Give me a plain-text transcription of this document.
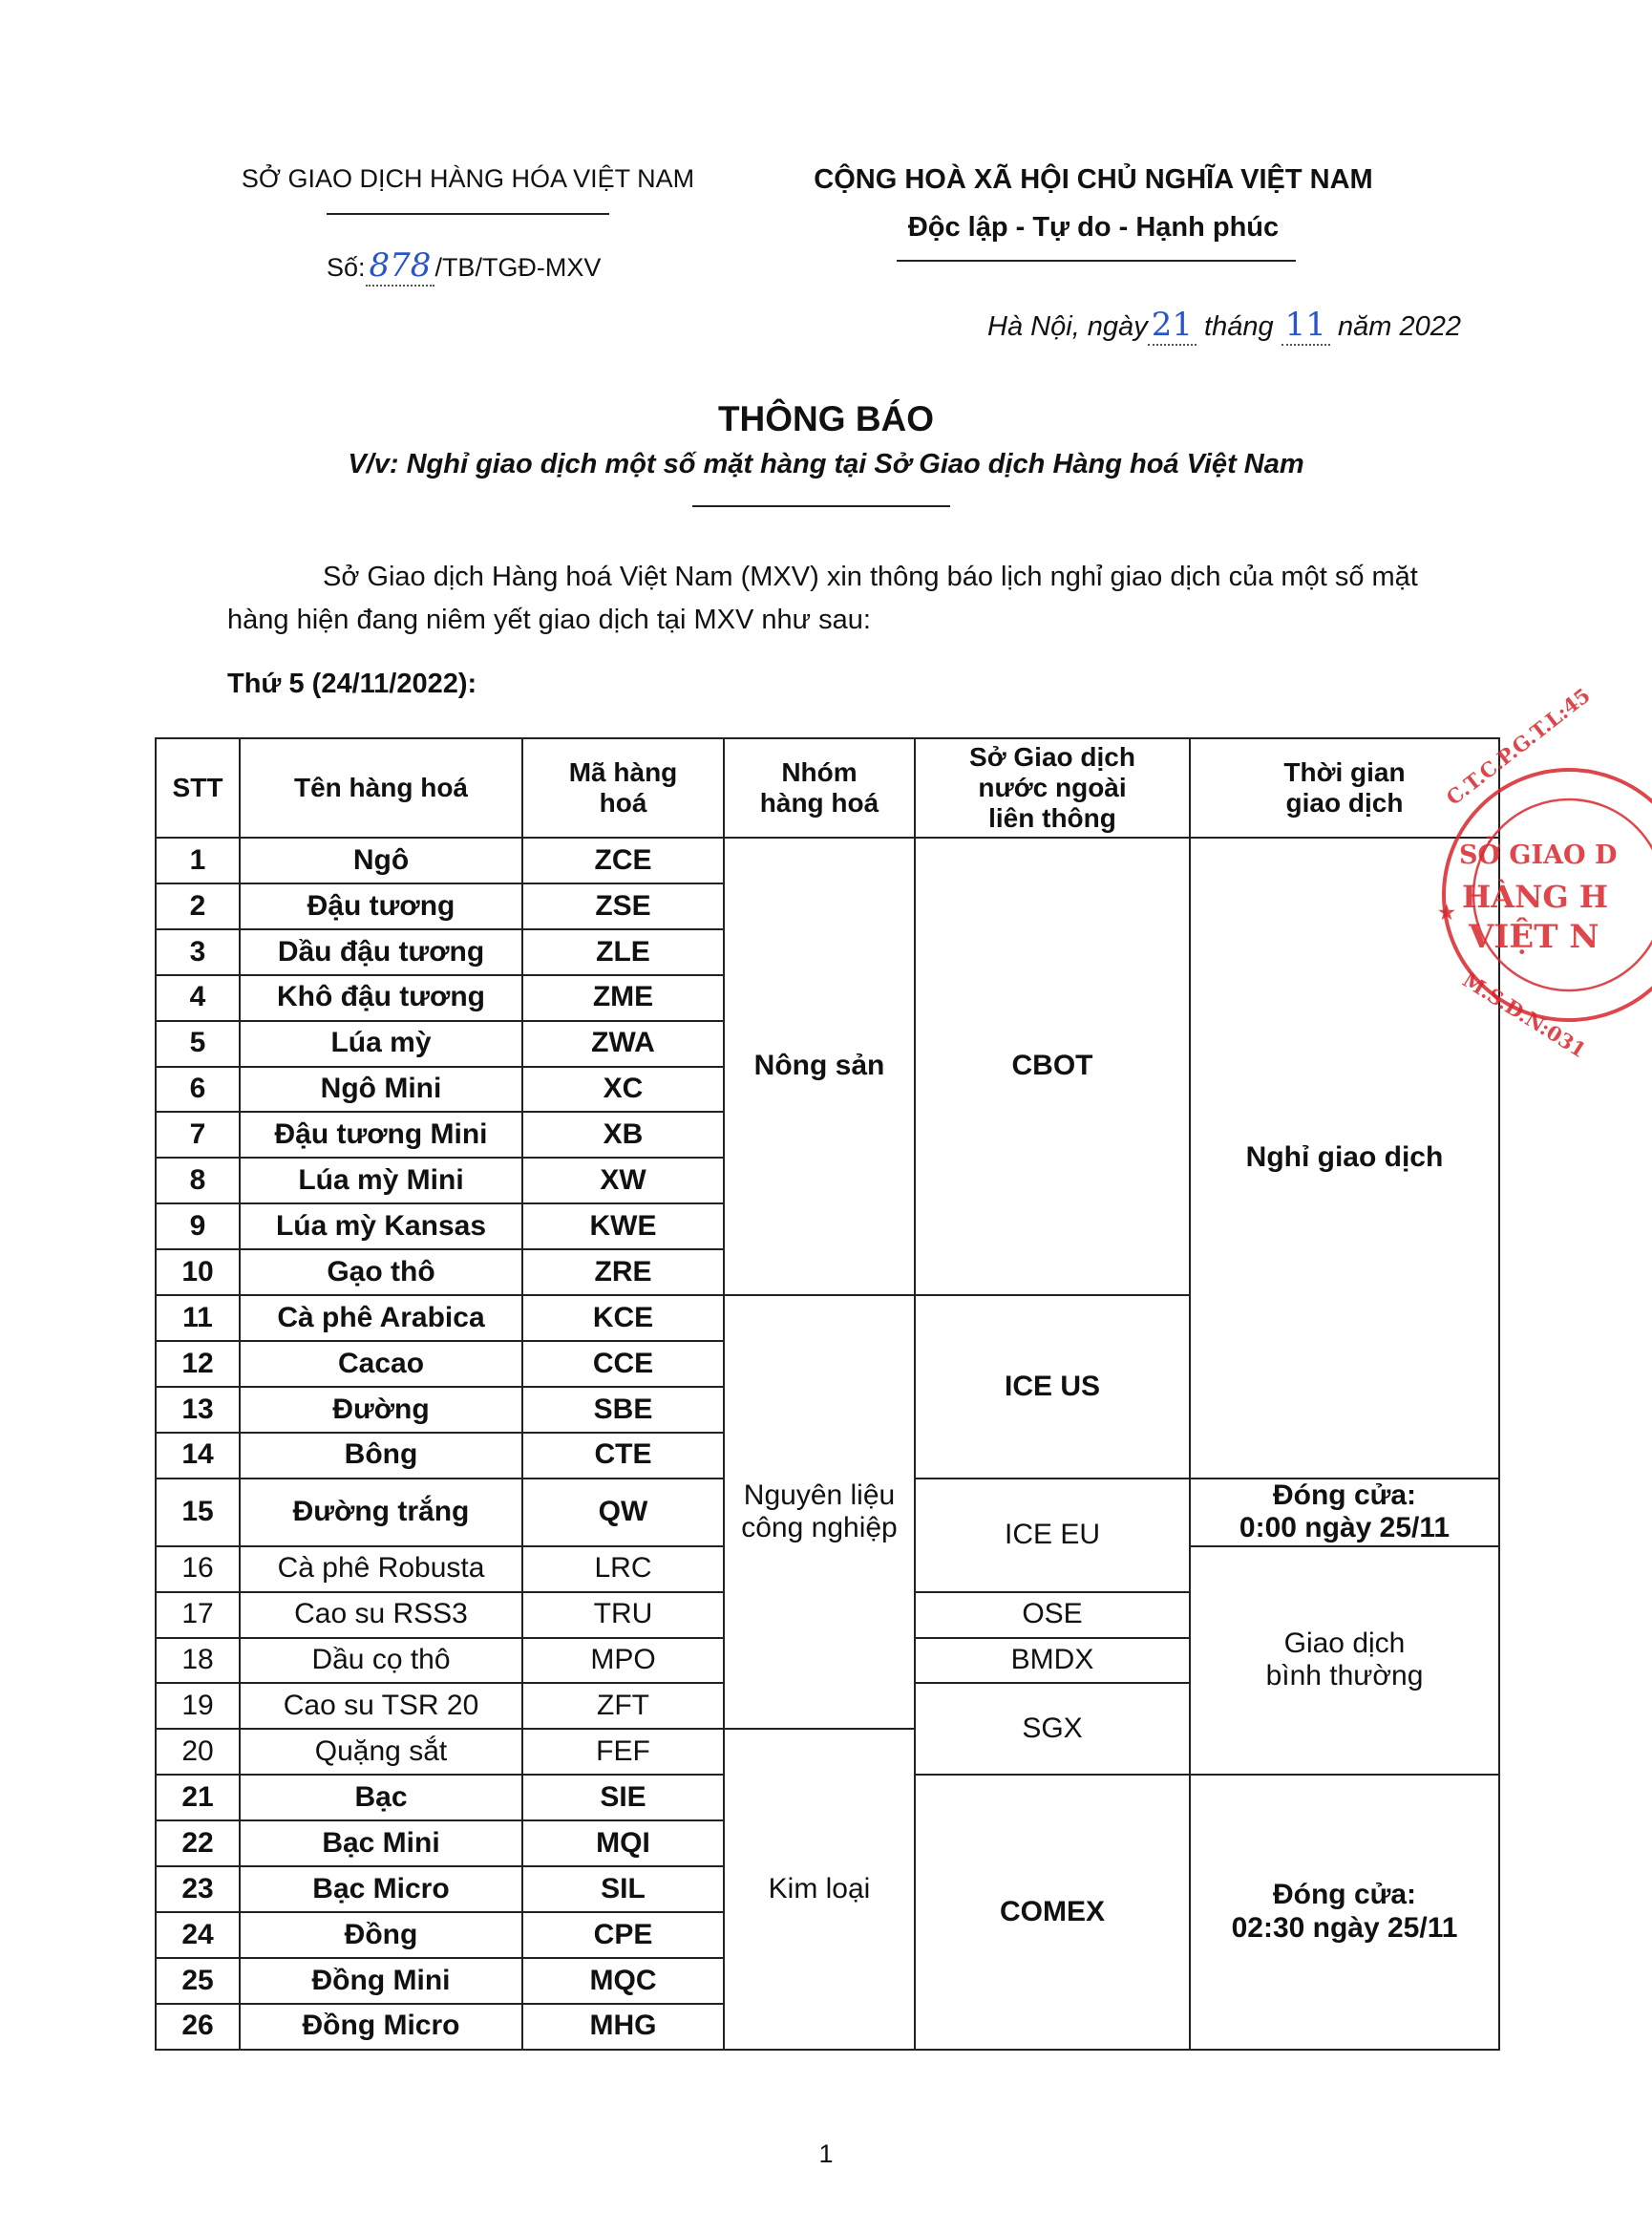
SỞ GIAO DỊCH HÀNG HÓA VIỆT NAM
Số: 878 /TB/TGĐ-MXV
CỘNG HOÀ XÃ HỘI CHỦ NGHĨA VIỆT NAM
Độc lập - Tự do - Hạnh phúc
Hà Nội, ngày 21 tháng 11 năm 2022
THÔNG BÁO
V/v: Nghỉ giao dịch một số mặt hàng tại Sở Giao dịch Hàng hoá Việt Nam
Sở Giao dịch Hàng hoá Việt Nam (MXV) xin thông báo lịch nghỉ giao dịch của một số mặt hàng hiện đang niêm yết giao dịch tại MXV như sau:
Thứ 5 (24/11/2022):
STT	Tên hàng hoá	Mã hàng hoá	Nhóm hàng hoá	Sở Giao dịch nước ngoài liên thông	Thời gian giao dịch

1	Ngô	ZCE	Nông sản	CBOT	Nghỉ giao dịch
2	Đậu tương	ZSE			
3	Dầu đậu tương	ZLE			
4	Khô đậu tương	ZME			
5	Lúa mỳ	ZWA			
6	Ngô Mini	XC			
7	Đậu tương Mini	XB			
8	Lúa mỳ Mini	XW			
9	Lúa mỳ Kansas	KWE			
10	Gạo thô	ZRE			
11	Cà phê Arabica	KCE	Nguyên liệu công nghiệp	ICE US	
12	Cacao	CCE			
13	Đường	SBE			
14	Bông	CTE			
15	Đường trắng	QW		ICE EU	Đóng cửa:
0:00 ngày 25/11

16	Cà phê Robusta	LRC			Giao dịch bình thường

17	Cao su RSS3	TRU		OSE	
18	Dầu cọ thô	MPO		BMDX	
19	Cao su TSR 20	ZFT		SGX	
20	Quặng sắt	FEF	Kim loại		
21	Bạc	SIE		COMEX	Đóng cửa:
02:30 ngày 25/11

22	Bạc Mini	MQI			
23	Bạc Micro	SIL			
24	Đồng	CPE			
25	Đồng Mini	MQC			
26	Đồng Micro	MHG			
C.T.C.P.G.T.L:45
M.S.D.N:031
SỞ GIAO D
HÀNG H
VIỆT N
★
1
